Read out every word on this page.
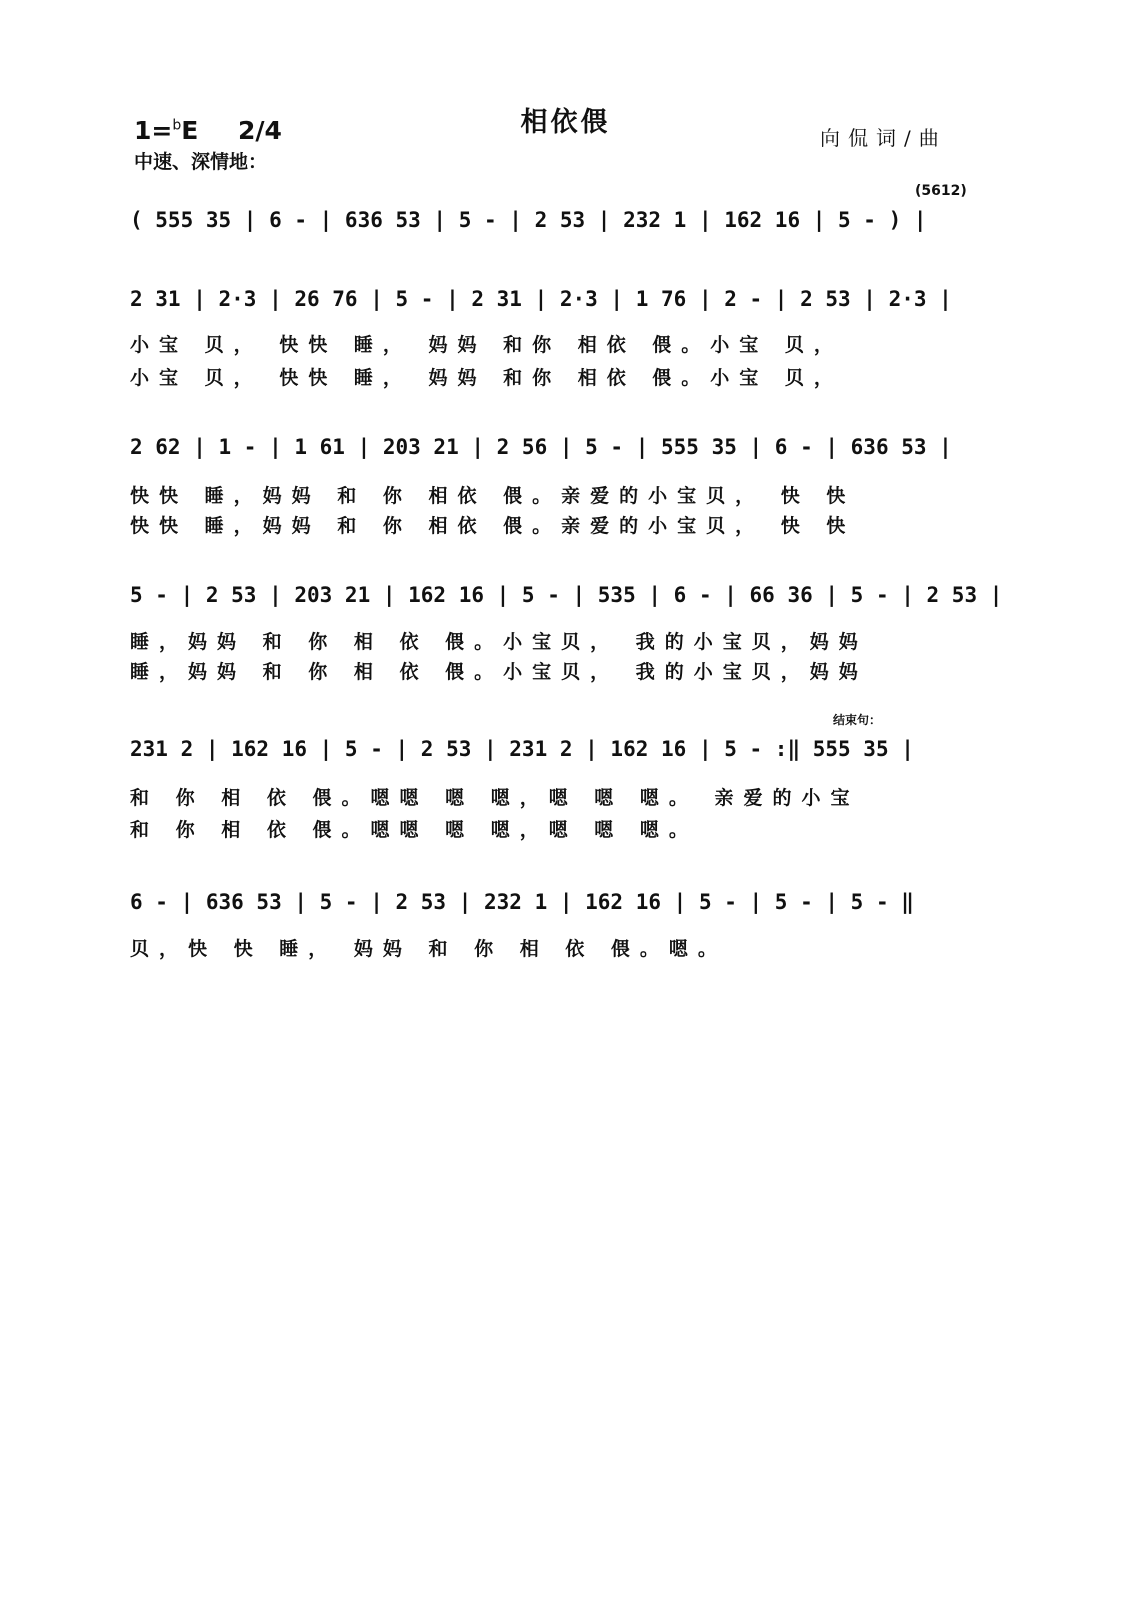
1=$^b$E 2/4	相依偎	向侃词/曲
中速、深情地：
(5612)
结束句：
( 555 35 | 6 - | 636 53 | 5 - | 2 53 | 232 1 | 162 16 | 5 - ) |
2 31 | 2·3 | 26 76 | 5 - | 2 31 | 2·3 | 1 76 | 2 - | 2 53 | 2·3 |
小宝 贝， 快快 睡， 妈妈 和你 相依 偎。小宝 贝，
小宝 贝， 快快 睡， 妈妈 和你 相依 偎。小宝 贝，
2 62 | 1 - | 1 61 | 203 21 | 2 56 | 5 - | 555 35 | 6 - | 636 53 |
快快 睡，妈妈 和 你 相依 偎。亲爱的小宝贝， 快 快
快快 睡，妈妈 和 你 相依 偎。亲爱的小宝贝， 快 快
5 - | 2 53 | 203 21 | 162 16 | 5 - | 535 | 6 - | 66 36 | 5 - | 2 53 |
睡，妈妈 和 你 相 依 偎。小宝贝， 我的小宝贝，妈妈
睡，妈妈 和 你 相 依 偎。小宝贝， 我的小宝贝，妈妈
231 2 | 162 16 | 5 - | 2 53 | 231 2 | 162 16 | 5 - :‖ 555 35 |
和 你 相 依 偎。嗯嗯 嗯 嗯，嗯 嗯 嗯。 亲爱的小宝
和 你 相 依 偎。嗯嗯 嗯 嗯，嗯 嗯 嗯。
6 - | 636 53 | 5 - | 2 53 | 232 1 | 162 16 | 5 - | 5 - | 5 - ‖
贝，快 快 睡， 妈妈 和 你 相 依 偎。嗯。
